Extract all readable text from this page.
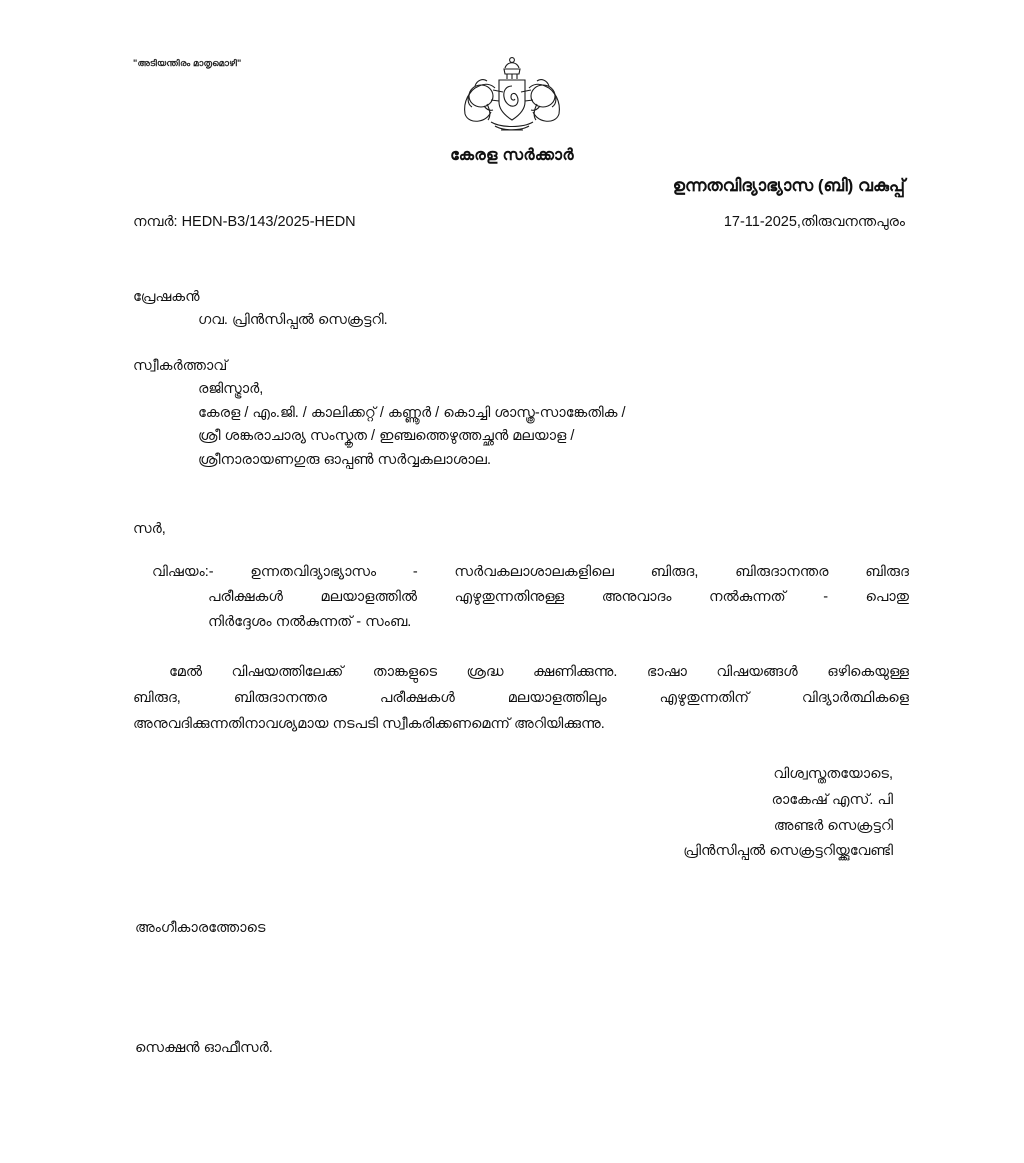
"അടിയന്തിരം മാതൃമൊഴി"
കേരള സർക്കാർ
ഉന്നതവിദ്യാഭ്യാസ (ബി) വകുപ്പ്
നമ്പർ: HEDN-B3/143/2025-HEDN	17-11-2025,തിരുവനന്തപുരം
പ്രേഷകൻ
ഗവ. പ്രിൻസിപ്പൽ സെക്രട്ടറി.
സ്വീകർത്താവ്
രജിസ്ട്രാർ,
കേരള / എം.ജി. / കാലിക്കറ്റ് / കണ്ണൂർ / കൊച്ചി ശാസ്ത്ര-സാങ്കേതിക /
ശ്രീ ശങ്കരാചാര്യ സംസ്കൃത / ഇഞ്ചത്തെഴുത്തച്ഛൻ മലയാള /
ശ്രീനാരായണഗുരു ഓപ്പൺ സർവ്വകലാശാല.
സർ,
വിഷയം:- ഉന്നതവിദ്യാഭ്യാസം - സർവകലാശാലകളിലെ ബിരുദ, ബിരുദാനന്തര ബിരുദ
പരീക്ഷകൾ മലയാളത്തിൽ എഴുതുന്നതിനുള്ള അനുവാദം നൽകുന്നത് - പൊതു
നിർദ്ദേശം നൽകുന്നത് - സംബ.
മേൽ വിഷയത്തിലേക്ക് താങ്കളുടെ ശ്രദ്ധ ക്ഷണിക്കുന്നു. ഭാഷാ വിഷയങ്ങൾ ഒഴികെയുള്ള
ബിരുദ, ബിരുദാനന്തര പരീക്ഷകൾ മലയാളത്തിലും എഴുതുന്നതിന് വിദ്യാർത്ഥികളെ
അനുവദിക്കുന്നതിനാവശ്യമായ നടപടി സ്വീകരിക്കണമെന്ന് അറിയിക്കുന്നു.
വിശ്വസ്തതയോടെ,
രാകേഷ് എസ്. പി
അണ്ടർ സെക്രട്ടറി
പ്രിൻസിപ്പൽ സെക്രട്ടറിയ്ക്കുവേണ്ടി
അംഗീകാരത്തോടെ
സെക്ഷൻ ഓഫീസർ.
